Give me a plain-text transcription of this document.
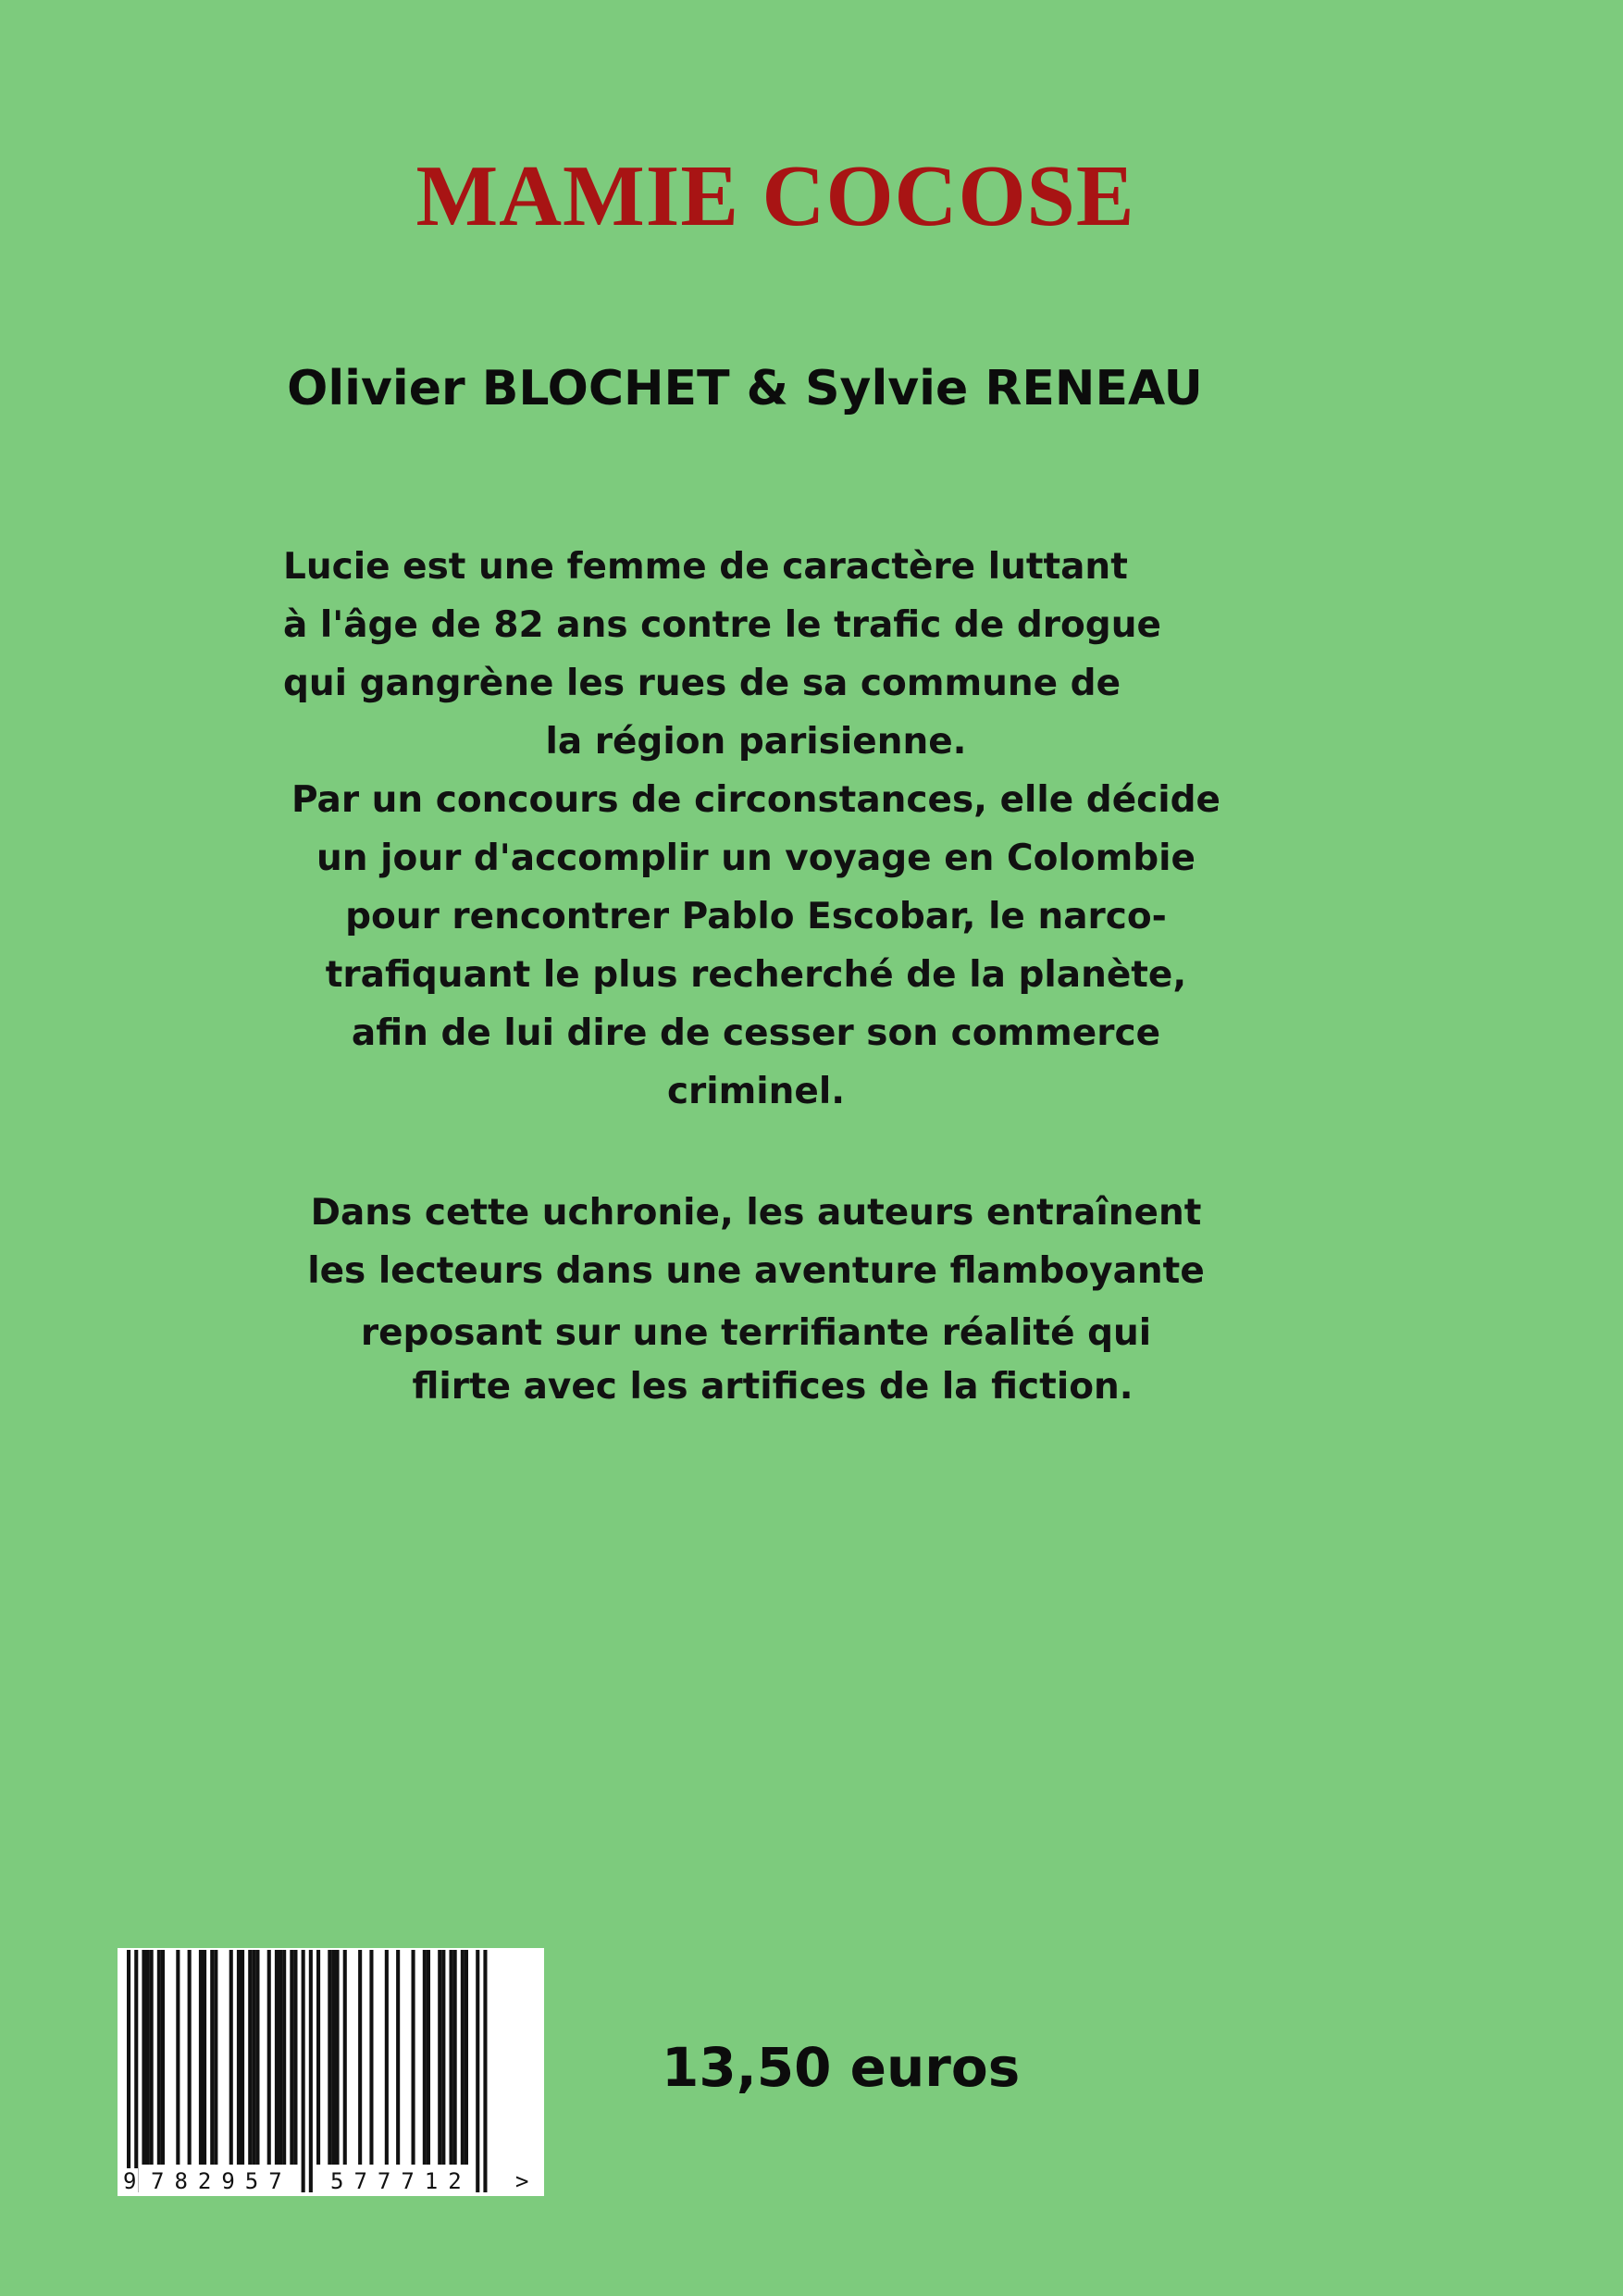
MAMIE COCOSE
Olivier BLOCHET & Sylvie RENEAU
Lucie est une femme de caractère luttant
à l'âge de 82 ans contre le trafic de drogue
qui gangrène les rues de sa commune de
la région parisienne.
Par un concours de circonstances, elle décide
un jour d'accomplir un voyage en Colombie
pour rencontrer Pablo Escobar, le narco-
trafiquant le plus recherché de la planète,
afin de lui dire de cesser son commerce
criminel.
Dans cette uchronie, les auteurs entraînent
les lecteurs dans une aventure flamboyante
reposant sur une terrifiante réalité qui
flirte avec les artifices de la fiction.
9 782957 577712 >
13,50 euros
